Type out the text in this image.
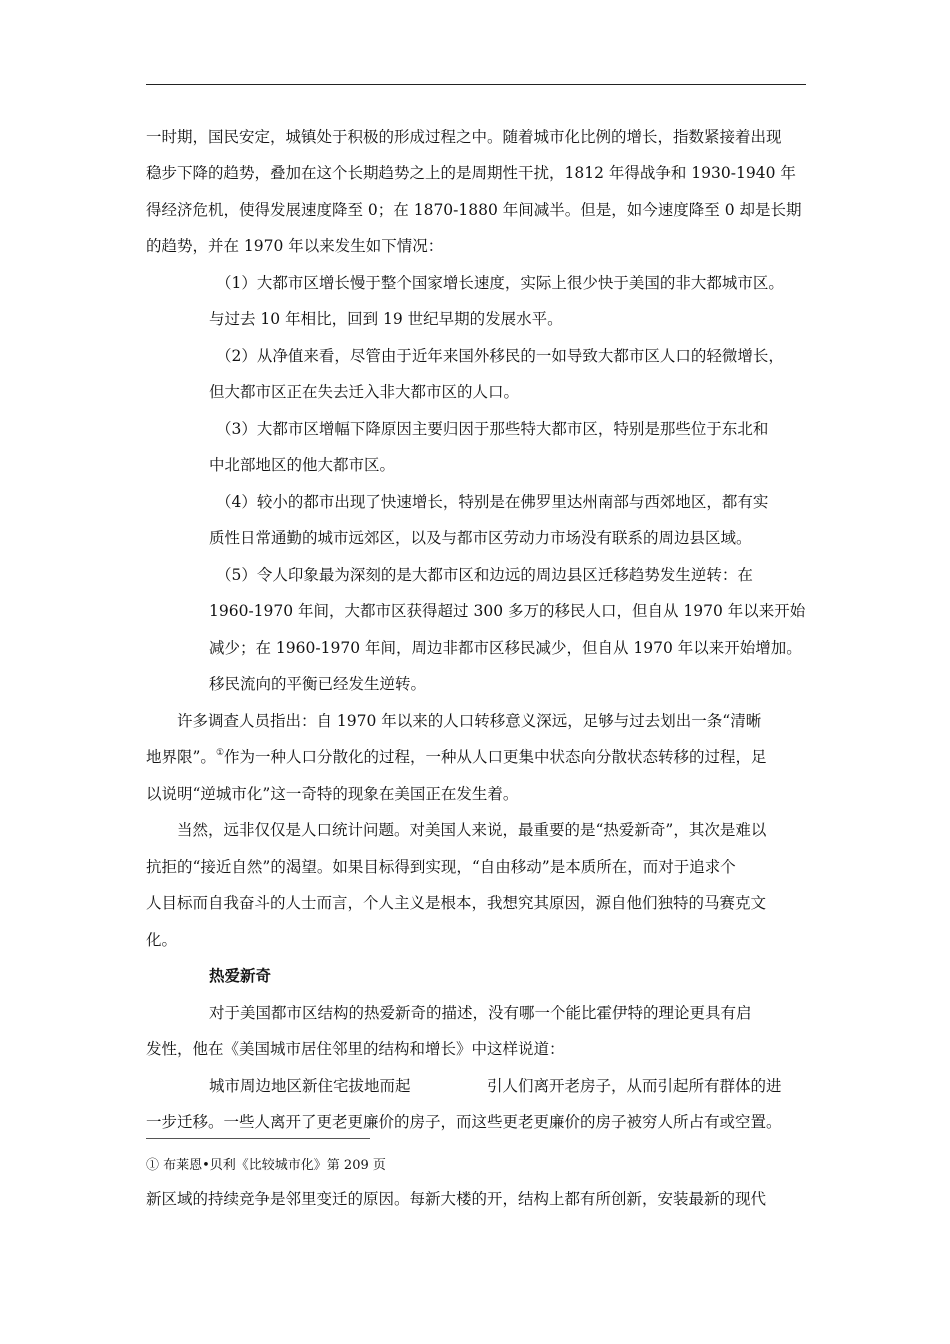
一时期，国民安定，城镇处于积极的形成过程之中。随着城市化比例的增长，指数紧接着出现
稳步下降的趋势，叠加在这个长期趋势之上的是周期性干扰，1812 年得战争和 1930-1940 年
得经济危机，使得发展速度降至 0；在 1870-1880 年间减半。但是，如今速度降至 0 却是长期
的趋势，并在 1970 年以来发生如下情况：
（1）大都市区增长慢于整个国家增长速度，实际上很少快于美国的非大都城市区。
与过去 10 年相比，回到 19 世纪早期的发展水平。
（2）从净值来看，尽管由于近年来国外移民的一如导致大都市区人口的轻微增长，
但大都市区正在失去迁入非大都市区的人口。
（3）大都市区增幅下降原因主要归因于那些特大都市区，特别是那些位于东北和
中北部地区的他大都市区。
（4）较小的都市出现了快速增长，特别是在佛罗里达州南部与西郊地区，都有实
质性日常通勤的城市远郊区，以及与都市区劳动力市场没有联系的周边县区域。
（5）令人印象最为深刻的是大都市区和边远的周边县区迁移趋势发生逆转：在
1960-1970 年间，大都市区获得超过 300 多万的移民人口，但自从 1970 年以来开始
减少；在 1960-1970 年间，周边非都市区移民减少，但自从 1970 年以来开始增加。
移民流向的平衡已经发生逆转。
许多调查人员指出：自 1970 年以来的人口转移意义深远，足够与过去划出一条“清晰
地界限”。①作为一种人口分散化的过程，一种从人口更集中状态向分散状态转移的过程，足
以说明“逆城市化”这一奇特的现象在美国正在发生着。
当然，远非仅仅是人口统计问题。对美国人来说，最重要的是“热爱新奇”，其次是难以
抗拒的“接近自然”的渴望。如果目标得到实现，“自由移动”是本质所在，而对于追求个
人目标而自我奋斗的人士而言，个人主义是根本，我想究其原因，源自他们独特的马赛克文
化。
热爱新奇
对于美国都市区结构的热爱新奇的描述，没有哪一个能比霍伊特的理论更具有启
发性，他在《美国城市居住邻里的结构和增长》中这样说道：
城市周边地区新住宅拔地而起	引人们离开老房子，从而引起所有群体的进
一步迁移。一些人离开了更老更廉价的房子，而这些更老更廉价的房子被穷人所占有或空置。
① 布莱恩•贝利《比较城市化》第 209 页
新区域的持续竞争是邻里变迁的原因。每新大楼的开，结构上都有所创新，安装最新的现代
